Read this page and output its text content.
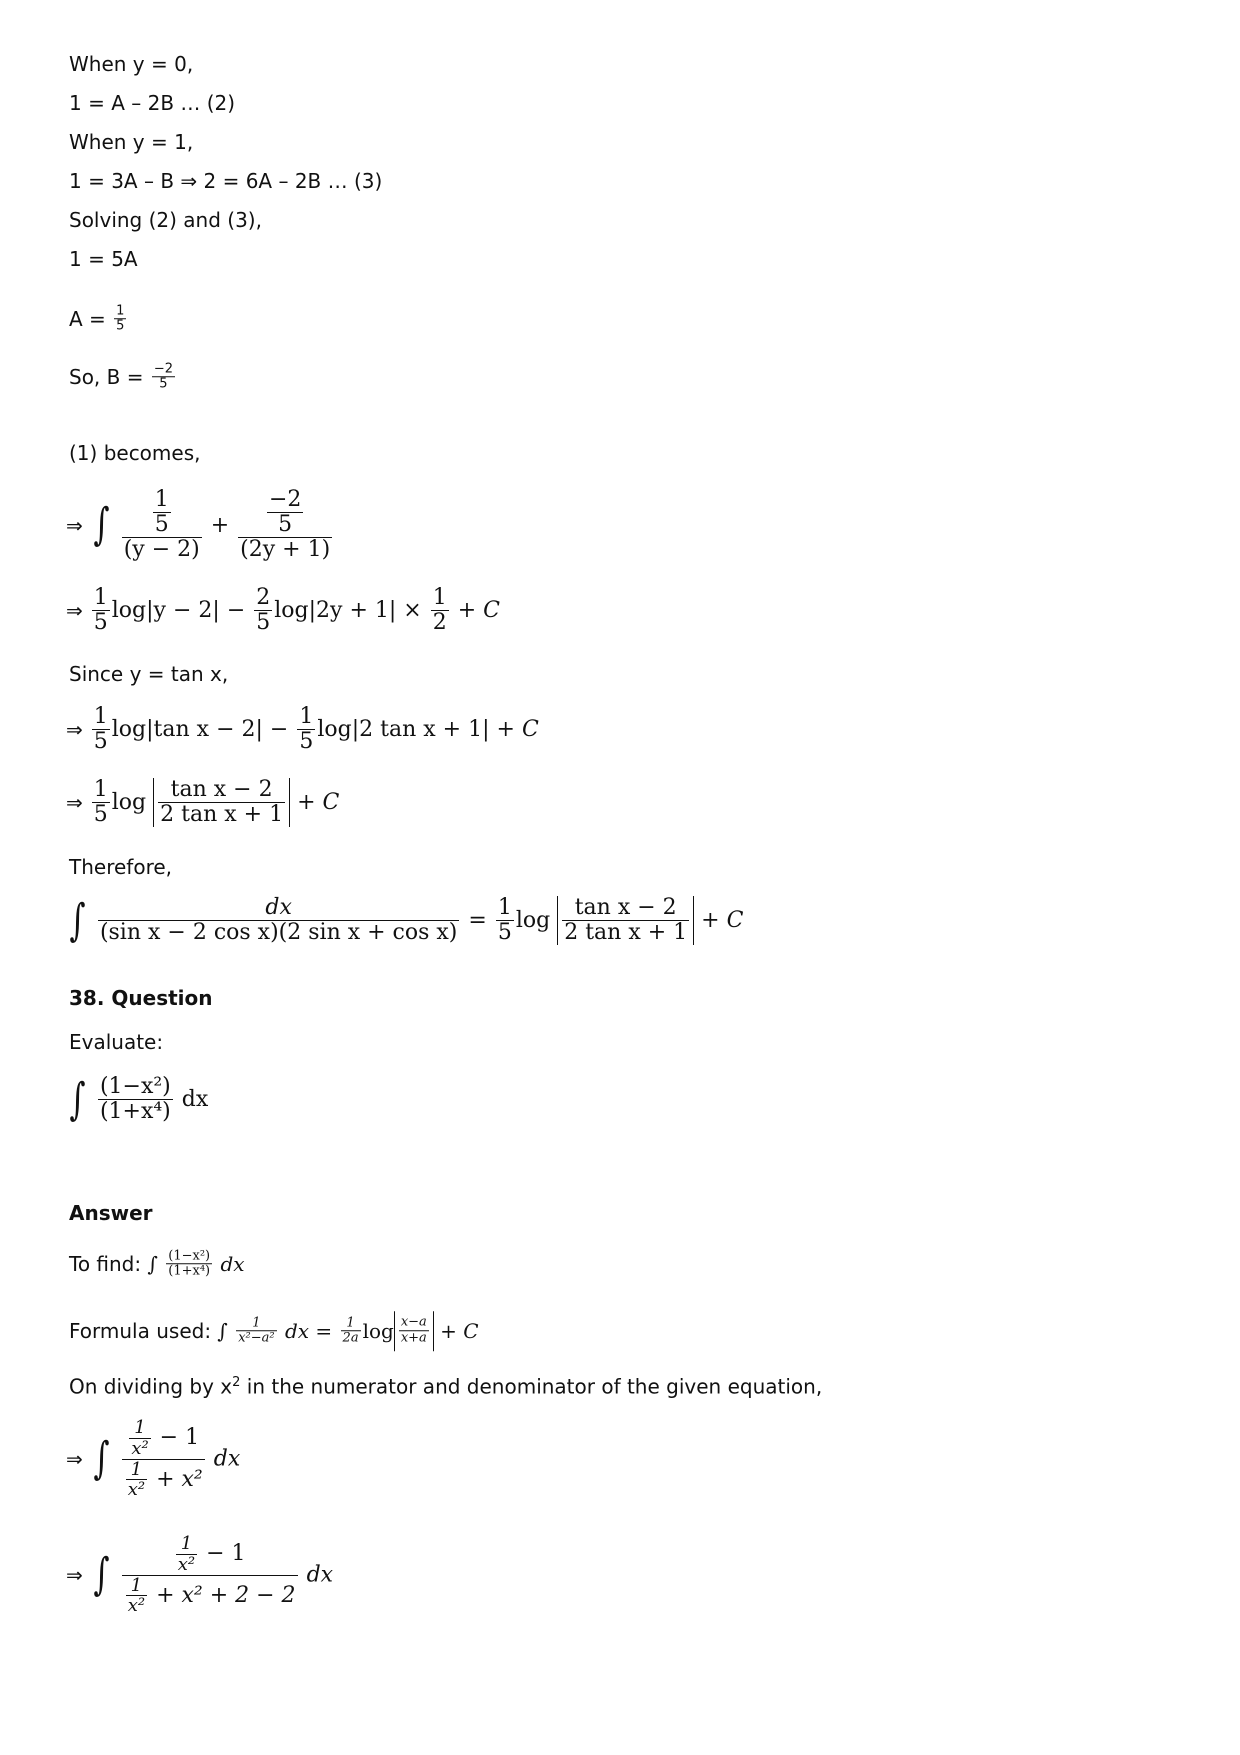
When y = 0,
1 = A – 2B … (2)
When y = 1,
1 = 3A – B ⇒ 2 = 6A – 2B … (3)
Solving (2) and (3),
1 = 5A
$A = \frac{1}{5}$
So, $B = \frac{-2}{5}$
(1) becomes,
⇒ ∫ $\frac{\frac{1}{5}}{(y - 2)} + \frac{\frac{-2}{5}}{(2y + 1)}$
⇒ $\frac{1}{5} \log|y - 2| - \frac{2}{5} \log|2y + 1| \times \frac{1}{2} + C$
Since y = tan x,
⇒ $\frac{1}{5} \log|\tan$ $x - 2| - \frac{1}{5} \log|2$ tan x + 1| + C
⇒ $\frac{1}{5}$ $\log \frac{\text{tan x − 2}}{\text{2 tan x + 1}} + C$
Therefore,
∫ $\frac{dx}{\text{(sin x − 2 cos x)(2 sin x + cos x)}} = \frac{1}{5}$ $\log \frac{\text{tan x − 2}}{\text{2 tan x + 1}} + C$
38. Question
Evaluate:
∫ $\frac{\text{(1−x²)}}{\text{(1+x⁴)}}$ dx
Answer
To find: ∫ $\frac{\text{(1−x²)}}{\text{(1+x⁴)}}$ dx
Formula used: ∫ $\frac{1}{\text{x²−a²}}$ dx = $\frac{1}{2a}$ $\log \frac{x-a}{x+a} + C$
On dividing by $x^2$ in the numerator and denominator of the given equation,
⇒ ∫ $\frac{\frac{1}{\text{x²}} - 1}{\frac{1}{\text{x²}} + x^2}$ dx
⇒ ∫ $\frac{\frac{1}{\text{x²}} - 1}{\frac{1}{\text{x²}} + x^2 + 2 - 2}$ dx
